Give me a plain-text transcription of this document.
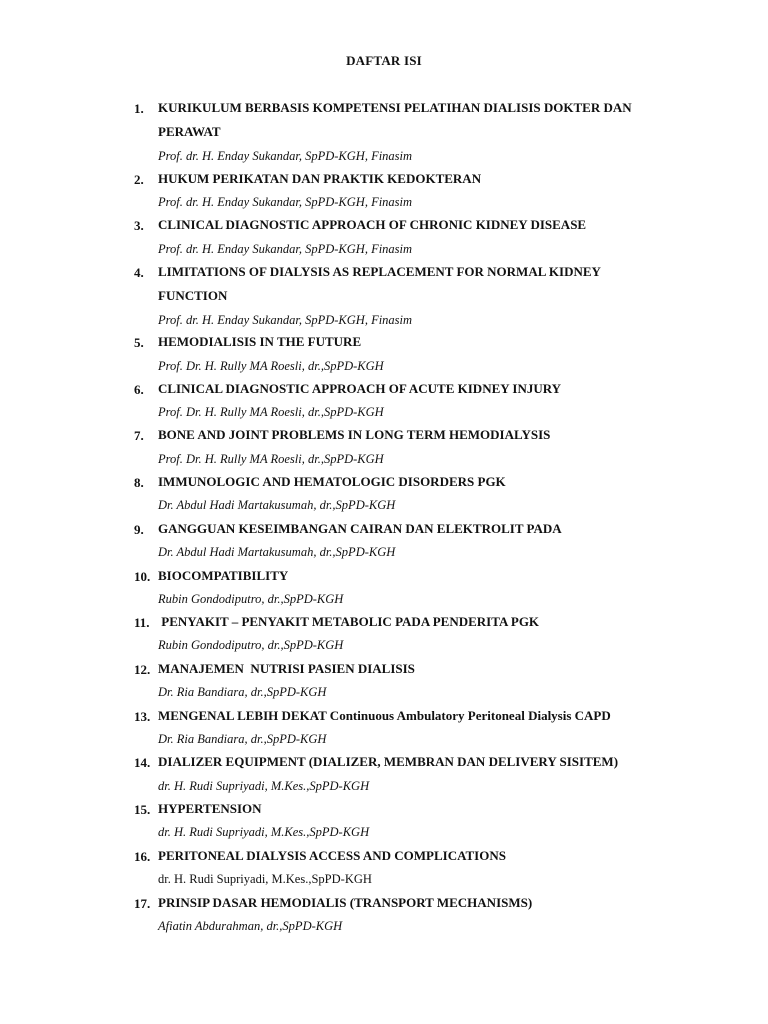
DAFTAR ISI
1.	KURIKULUM BERBASIS KOMPETENSI PELATIHAN DIALISIS DOKTER DAN PERAWAT
Prof. dr. H. Enday Sukandar, SpPD-KGH, Finasim
2.	HUKUM PERIKATAN DAN PRAKTIK KEDOKTERAN
Prof. dr. H. Enday Sukandar, SpPD-KGH, Finasim
3.	CLINICAL DIAGNOSTIC APPROACH OF CHRONIC KIDNEY DISEASE
Prof. dr. H. Enday Sukandar, SpPD-KGH, Finasim
4.	LIMITATIONS OF DIALYSIS AS REPLACEMENT FOR NORMAL KIDNEY FUNCTION
Prof. dr. H. Enday Sukandar, SpPD-KGH, Finasim
5.	HEMODIALISIS IN THE FUTURE
Prof. Dr. H. Rully MA Roesli, dr.,SpPD-KGH
6.	CLINICAL DIAGNOSTIC APPROACH OF ACUTE KIDNEY INJURY
Prof. Dr. H. Rully MA Roesli, dr.,SpPD-KGH
7.	BONE AND JOINT PROBLEMS IN LONG TERM HEMODIALYSIS
Prof. Dr. H. Rully MA Roesli, dr.,SpPD-KGH
8.	IMMUNOLOGIC AND HEMATOLOGIC DISORDERS PGK
Dr. Abdul Hadi Martakusumah, dr.,SpPD-KGH
9.	GANGGUAN KESEIMBANGAN CAIRAN DAN ELEKTROLIT PADA
Dr. Abdul Hadi Martakusumah, dr.,SpPD-KGH
10. BIOCOMPATIBILITY
Rubin Gondodiputro, dr.,SpPD-KGH
11. PENYAKIT – PENYAKIT METABOLIC PADA PENDERITA PGK
Rubin Gondodiputro, dr.,SpPD-KGH
12. MANAJEMEN  NUTRISI PASIEN DIALISIS
Dr. Ria Bandiara, dr.,SpPD-KGH
13. MENGENAL LEBIH DEKAT Continuous Ambulatory Peritoneal Dialysis CAPD
Dr. Ria Bandiara, dr.,SpPD-KGH
14. DIALIZER EQUIPMENT (DIALIZER, MEMBRAN DAN DELIVERY SISITEM)
dr. H. Rudi Supriyadi, M.Kes.,SpPD-KGH
15. HYPERTENSION
dr. H. Rudi Supriyadi, M.Kes.,SpPD-KGH
16. PERITONEAL DIALYSIS ACCESS AND COMPLICATIONS
dr. H. Rudi Supriyadi, M.Kes.,SpPD-KGH
17. PRINSIP DASAR HEMODIALIS (TRANSPORT MECHANISMS)
Afiatin Abdurahman, dr.,SpPD-KGH
